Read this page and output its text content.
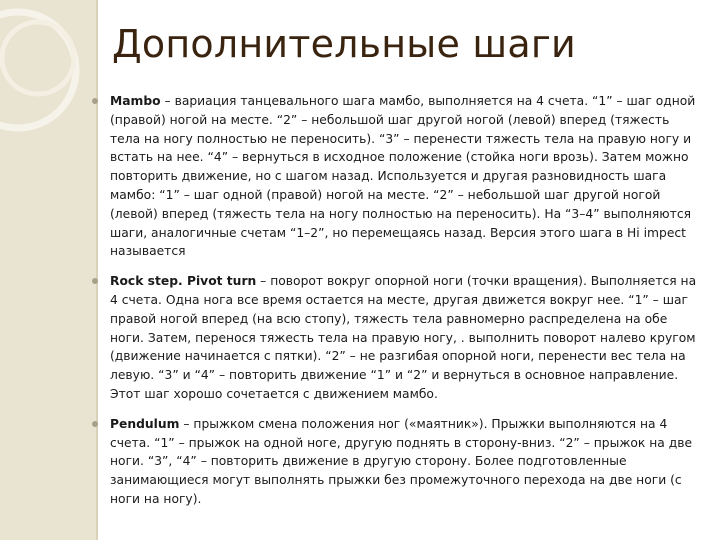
Дополнительные шаги
Mambo – вариация танцевального шага мамбо, выполняется на 4 счета. “1” – шаг одной (правой) ногой на месте. “2” – небольшой шаг другой ногой (левой) вперед (тяжесть тела на ногу полностью не переносить). “3” – перенести тяжесть тела на правую ногу и встать на нее. “4” – вернуться в исходное положение (стойка ноги врозь). Затем можно повторить движение, но с шагом назад. Используется и другая разновидность шага мамбо: “1” – шаг одной (правой) ногой на месте. “2” – небольшой шаг другой ногой (левой) вперед (тяжесть тела на ногу полностью на переносить). На “3–4” выполняются шаги, аналогичные счетам “1–2”, но перемещаясь назад. Версия этого шага в Hi impect называется
Rock step. Pivot turn – поворот вокруг опорной ноги (точки вращения). Выполняется на 4 счета. Одна нога все время остается на месте, другая движется вокруг нее. “1” – шаг правой ногой вперед (на всю стопу), тяжесть тела равномерно распределена на обе ноги. Затем, перенося тяжесть тела на правую ногу, . выполнить поворот налево кругом (движение начинается с пятки). “2” – не разгибая опорной ноги, перенести вес тела на левую. “3” и “4” – повторить движение “1” и “2” и вернуться в основное направление. Этот шаг хорошо сочетается с движением мамбо.
Pendulum – прыжком смена положения ног («маятник»). Прыжки выполняются на 4 счета. “1” – прыжок на одной ноге, другую поднять в сторону-вниз. “2” – прыжок на две ноги. “3”, “4” – повторить движение в другую сторону. Более подготовленные занимающиеся могут выполнять прыжки без промежуточного перехода на две ноги (с ноги на ногу).
